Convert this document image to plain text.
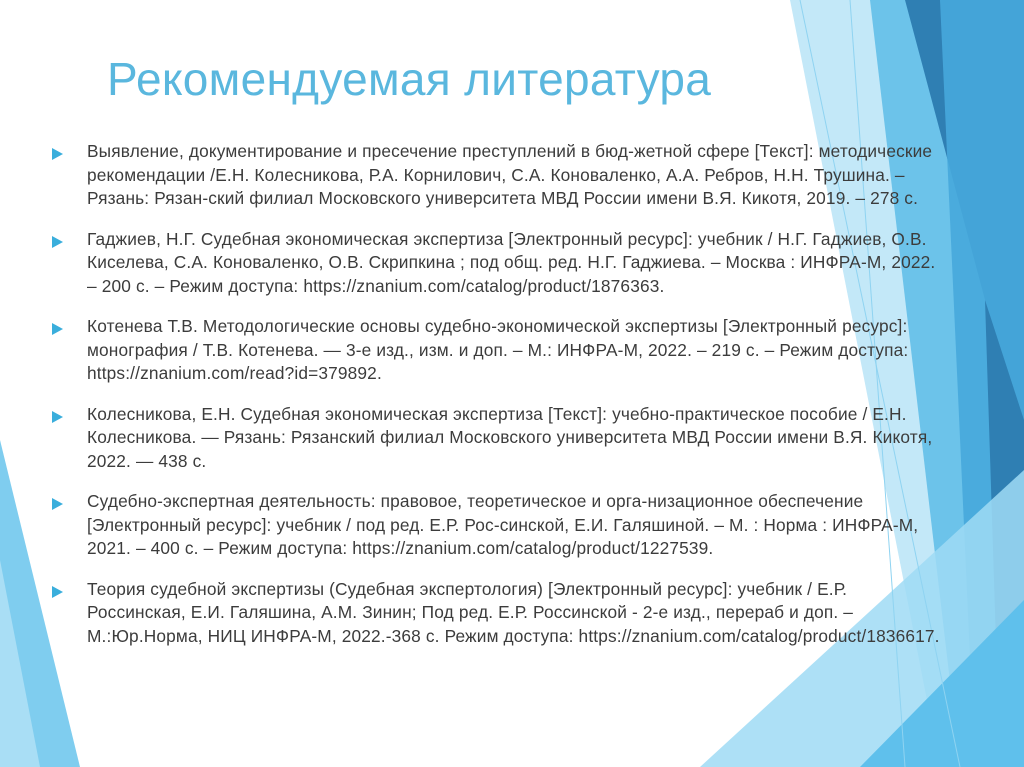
Рекомендуемая литература
Выявление, документирование и пресечение преступлений в бюд-жетной сфере [Текст]: методические рекомендации /Е.Н. Колесникова, Р.А. Корнилович, С.А. Коноваленко, А.А. Ребров, Н.Н. Трушина. – Рязань: Рязан-ский филиал Московского университета МВД России имени В.Я. Кикотя, 2019. – 278 с.
Гаджиев, Н.Г. Судебная экономическая экспертиза [Электронный ресурс]: учебник / Н.Г. Гаджиев, О.В. Киселева, С.А. Коноваленко, О.В. Скрипкина ; под общ. ред. Н.Г. Гаджиева. – Москва : ИНФРА-М, 2022. – 200 с. – Режим доступа: https://znanium.com/catalog/product/1876363.
Котенева Т.В. Методологические основы судебно-экономической экспертизы [Электронный ресурс]: монография / Т.В. Котенева. — 3-е изд., изм. и доп. – М.: ИНФРА-М, 2022. – 219 с. – Режим доступа: https://znanium.com/read?id=379892.
Колесникова, Е.Н. Судебная экономическая экспертиза [Текст]: учебно-практическое пособие / Е.Н. Колесникова. — Рязань: Рязанский филиал Московского университета МВД России имени В.Я. Кикотя, 2022. — 438 с.
Судебно-экспертная деятельность: правовое, теоретическое и орга-низационное обеспечение [Электронный ресурс]: учебник / под ред. Е.Р. Рос-синской, Е.И. Галяшиной. – М. : Норма : ИНФРА-М, 2021. – 400 с. – Режим доступа: https://znanium.com/catalog/product/1227539.
Теория судебной экспертизы (Судебная экспертология) [Электронный ресурс]: учебник / Е.Р. Россинская, Е.И. Галяшина, А.М. Зинин; Под ред. Е.Р. Россинской - 2-е изд., перераб и доп. – М.:Юр.Норма, НИЦ ИНФРА-М, 2022.-368 с. Режим доступа: https://znanium.com/catalog/product/1836617.
